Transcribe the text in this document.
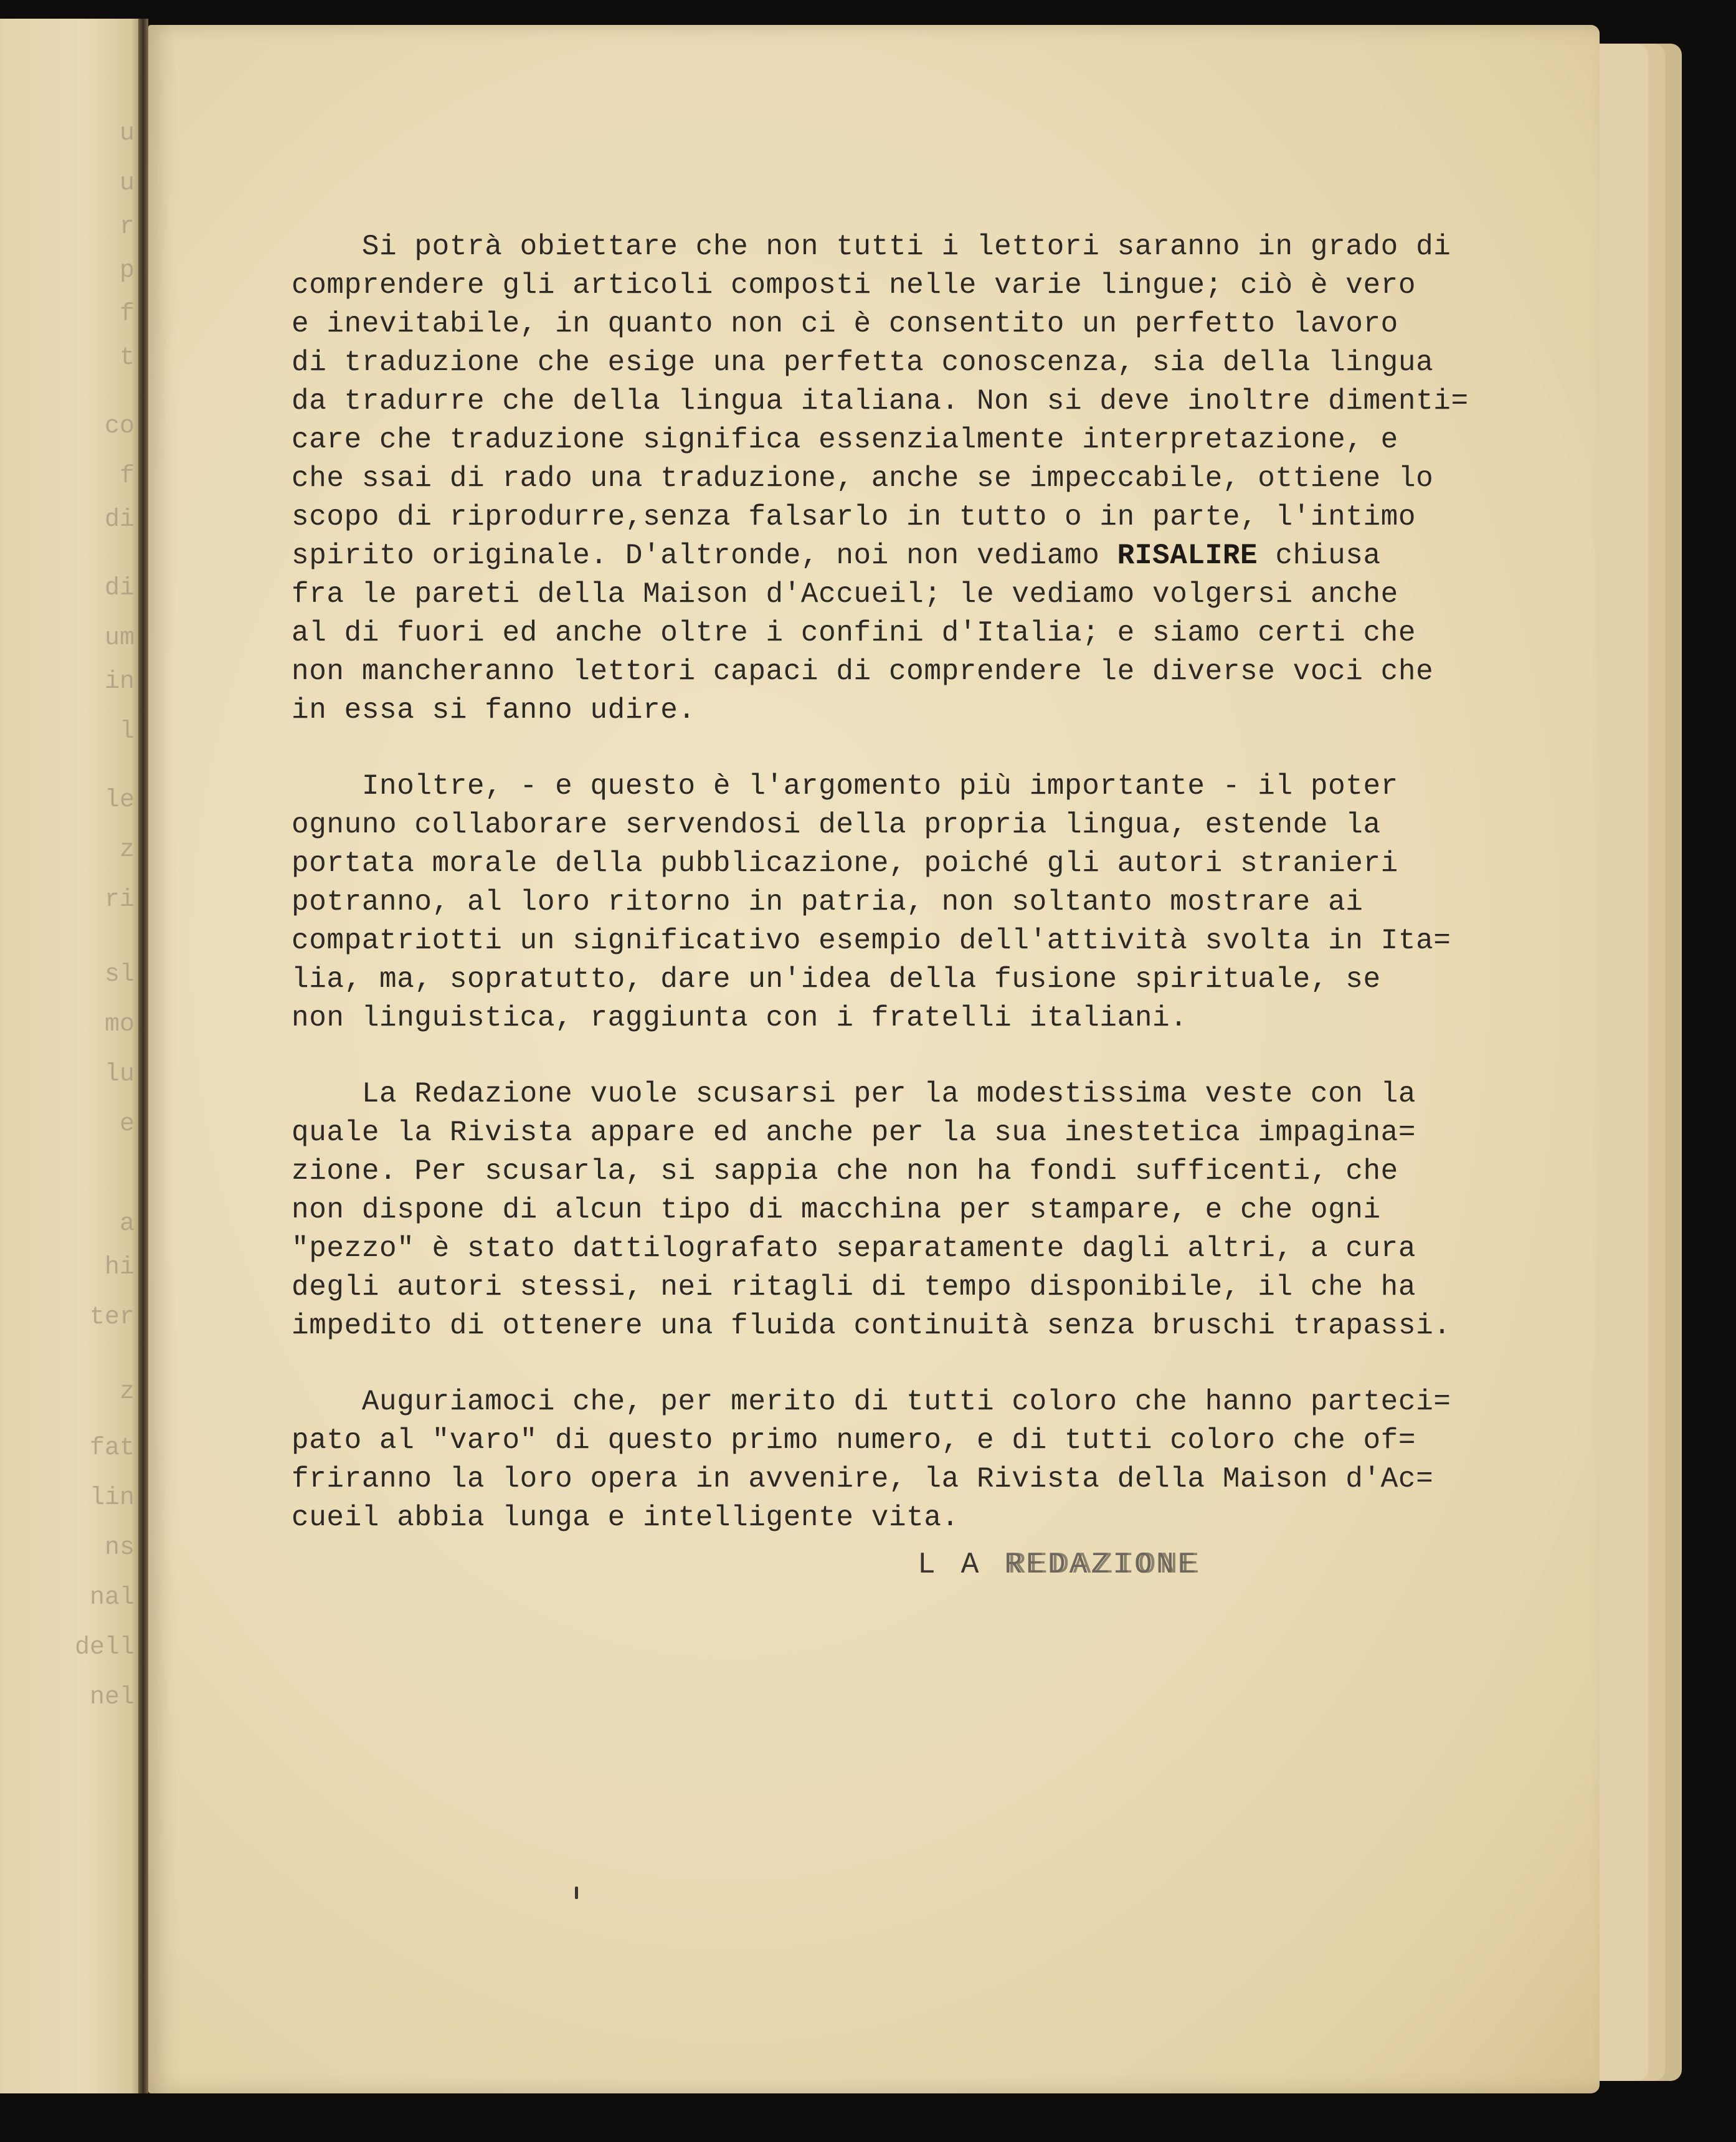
u
u
r
p
f
t
co
f
di
di
um
in
l
le
z
ri
sl
mo
lu
e
a
hi
ter
z
fat
lin
ns
nal
dell
nel
Si potrà obiettare che non tutti i lettori saranno in grado di
comprendere gli articoli composti nelle varie lingue; ciò è vero
e inevitabile, in quanto non ci è consentito un perfetto lavoro
di traduzione che esige una perfetta conoscenza, sia della lingua
da tradurre che della lingua italiana. Non si deve inoltre dimenti=
care che traduzione significa essenzialmente interpretazione, e
che ssai di rado una traduzione, anche se impeccabile, ottiene lo
scopo di riprodurre,senza falsarlo in tutto o in parte, l'intimo
spirito originale. D'altronde, noi non vediamo RISALIRE chiusa
fra le pareti della Maison d'Accueil; le vediamo volgersi anche
al di fuori ed anche oltre i confini d'Italia; e siamo certi che
non mancheranno lettori capaci di comprendere le diverse voci che
in essa si fanno udire.
Inoltre, - e questo è l'argomento più importante - il poter
ognuno collaborare servendosi della propria lingua, estende la
portata morale della pubblicazione, poiché gli autori stranieri
potranno, al loro ritorno in patria, non soltanto mostrare ai
compatriotti un significativo esempio dell'attività svolta in Ita=
lia, ma, sopratutto, dare un'idea della fusione spirituale, se
non linguistica, raggiunta con i fratelli italiani.
La Redazione vuole scusarsi per la modestissima veste con la
quale la Rivista appare ed anche per la sua inestetica impagina=
zione. Per scusarla, si sappia che non ha fondi sufficenti, che
non dispone di alcun tipo di macchina per stampare, e che ogni
"pezzo" è stato dattilografato separatamente dagli altri, a cura
degli autori stessi, nei ritagli di tempo disponibile, il che ha
impedito di ottenere una fluida continuità senza bruschi trapassi.
Auguriamoci che, per merito di tutti coloro che hanno parteci=
pato al "varo" di questo primo numero, e di tutti coloro che of=
friranno la loro opera in avvenire, la Rivista della Maison d'Ac=
cueil abbia lunga e intelligente vita.
L A REDAZIONE
